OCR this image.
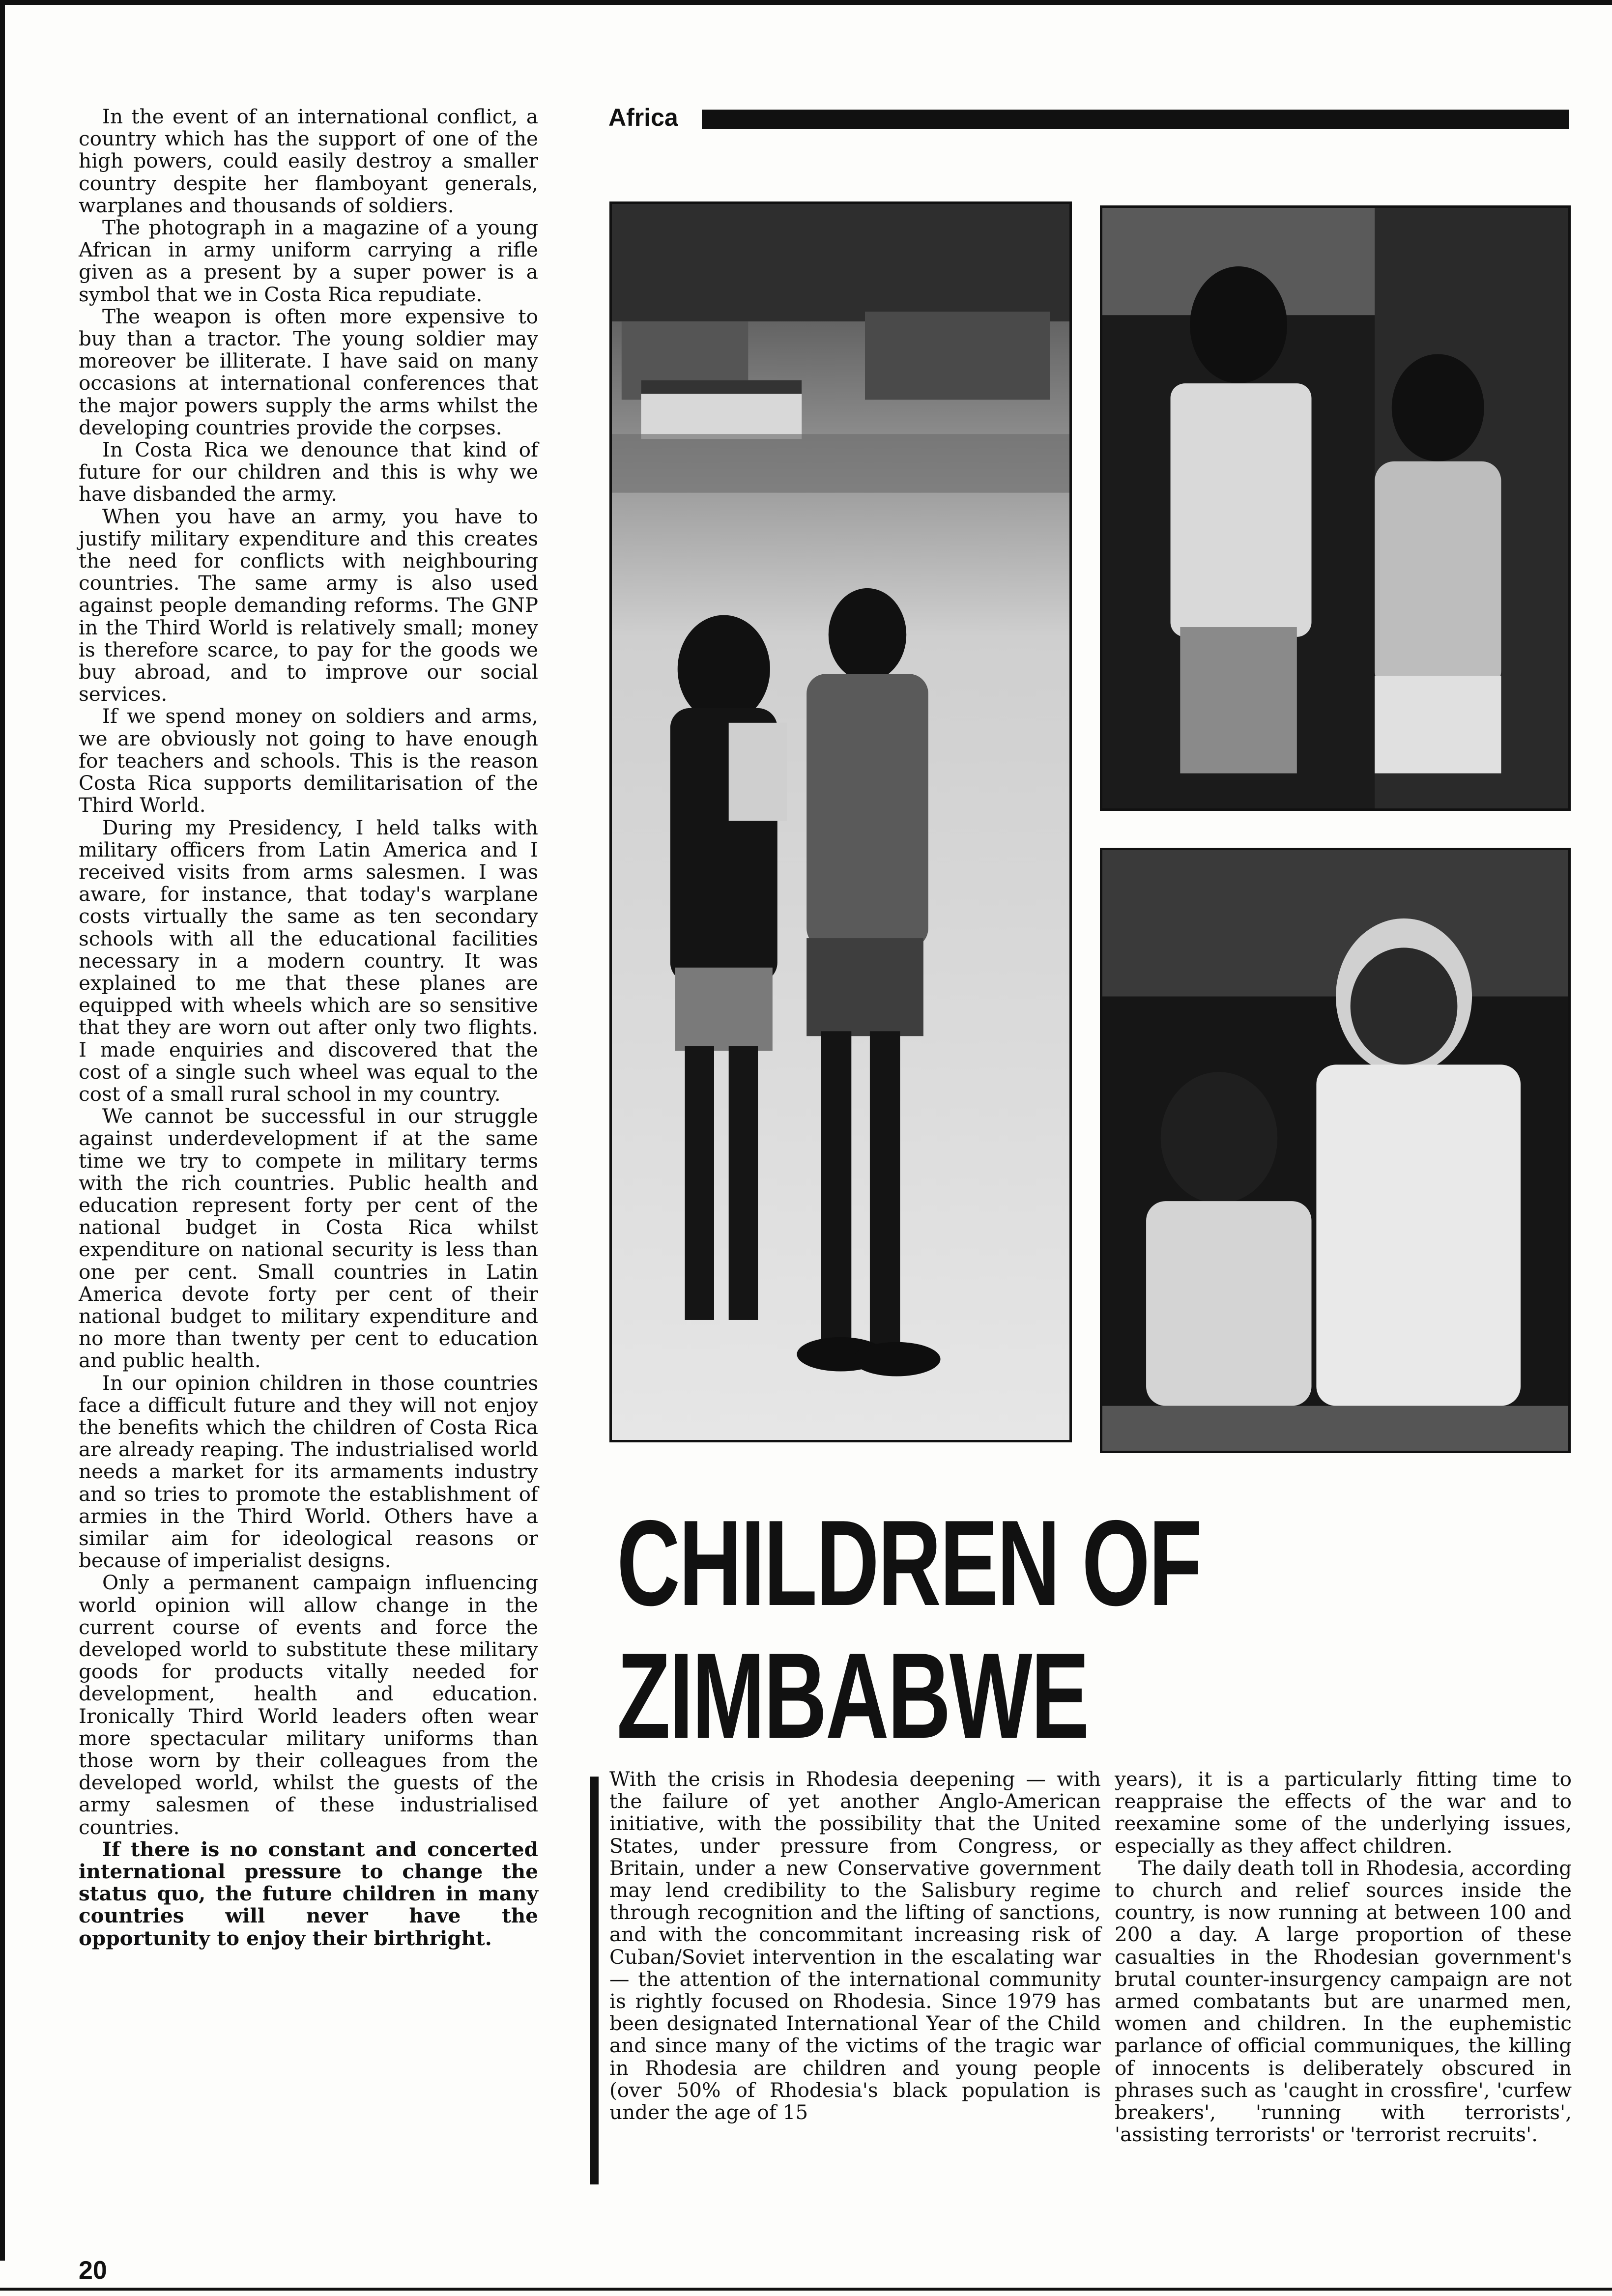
In the event of an international conflict, a country which has the support of one of the high powers, could easily destroy a smaller country despite her flamboyant generals, warplanes and thousands of soldiers.

The photograph in a magazine of a young African in army uniform carrying a rifle given as a present by a super power is a symbol that we in Costa Rica repudiate.

The weapon is often more expensive to buy than a tractor. The young soldier may moreover be illiterate. I have said on many occasions at international conferences that the major powers supply the arms whilst the developing countries provide the corpses.

In Costa Rica we denounce that kind of future for our children and this is why we have disbanded the army.

When you have an army, you have to justify military expenditure and this creates the need for conflicts with neighbouring countries. The same army is also used against people demanding reforms. The GNP in the Third World is relatively small; money is therefore scarce, to pay for the goods we buy abroad, and to improve our social services.

If we spend money on soldiers and arms, we are obviously not going to have enough for teachers and schools. This is the reason Costa Rica supports demilitarisation of the Third World.

During my Presidency, I held talks with military officers from Latin America and I received visits from arms salesmen. I was aware, for instance, that today's warplane costs virtually the same as ten secondary schools with all the educational facilities necessary in a modern country. It was explained to me that these planes are equipped with wheels which are so sensitive that they are worn out after only two flights. I made enquiries and discovered that the cost of a single such wheel was equal to the cost of a small rural school in my country.

We cannot be successful in our struggle against underdevelopment if at the same time we try to compete in military terms with the rich countries. Public health and education represent forty per cent of the national budget in Costa Rica whilst expenditure on national security is less than one per cent. Small countries in Latin America devote forty per cent of their national budget to military expenditure and no more than twenty per cent to education and public health.

In our opinion children in those countries face a difficult future and they will not enjoy the benefits which the children of Costa Rica are already reaping. The industrialised world needs a market for its armaments industry and so tries to promote the establishment of armies in the Third World. Others have a similar aim for ideological reasons or because of imperialist designs.

Only a permanent campaign influencing world opinion will allow change in the current course of events and force the developed world to substitute these military goods for products vitally needed for development, health and education. Ironically Third World leaders often wear more spectacular military uniforms than those worn by their colleagues from the developed world, whilst the guests of the army salesmen of these industrialised countries.

If there is no constant and concerted international pressure to change the status quo, the future children in many countries will never have the opportunity to enjoy their birthright.

Africa
CHILDREN OF
ZIMBABWE

With the crisis in Rhodesia deepening — with the failure of yet another Anglo-American initiative, with the possibility that the United States, under pressure from Congress, or Britain, under a new Conservative government may lend credibility to the Salisbury regime through recognition and the lifting of sanctions, and with the concommitant increasing risk of Cuban/Soviet intervention in the escalating war — the attention of the international community is rightly focused on Rhodesia. Since 1979 has been designated International Year of the Child and since many of the victims of the tragic war in Rhodesia are children and young people (over 50% of Rhodesia's black population is under the age of 15

years), it is a particularly fitting time to reappraise the effects of the war and to reexamine some of the underlying issues, especially as they affect children.

The daily death toll in Rhodesia, according to church and relief sources inside the country, is now running at between 100 and 200 a day. A large proportion of these casualties in the Rhodesian government's brutal counter-insurgency campaign are not armed combatants but are unarmed men, women and children. In the euphemistic parlance of official communiques, the killing of innocents is deliberately obscured in phrases such as 'caught in crossfire', 'curfew breakers', 'running with terrorists', 'assisting terrorists' or 'terrorist recruits'.

20
